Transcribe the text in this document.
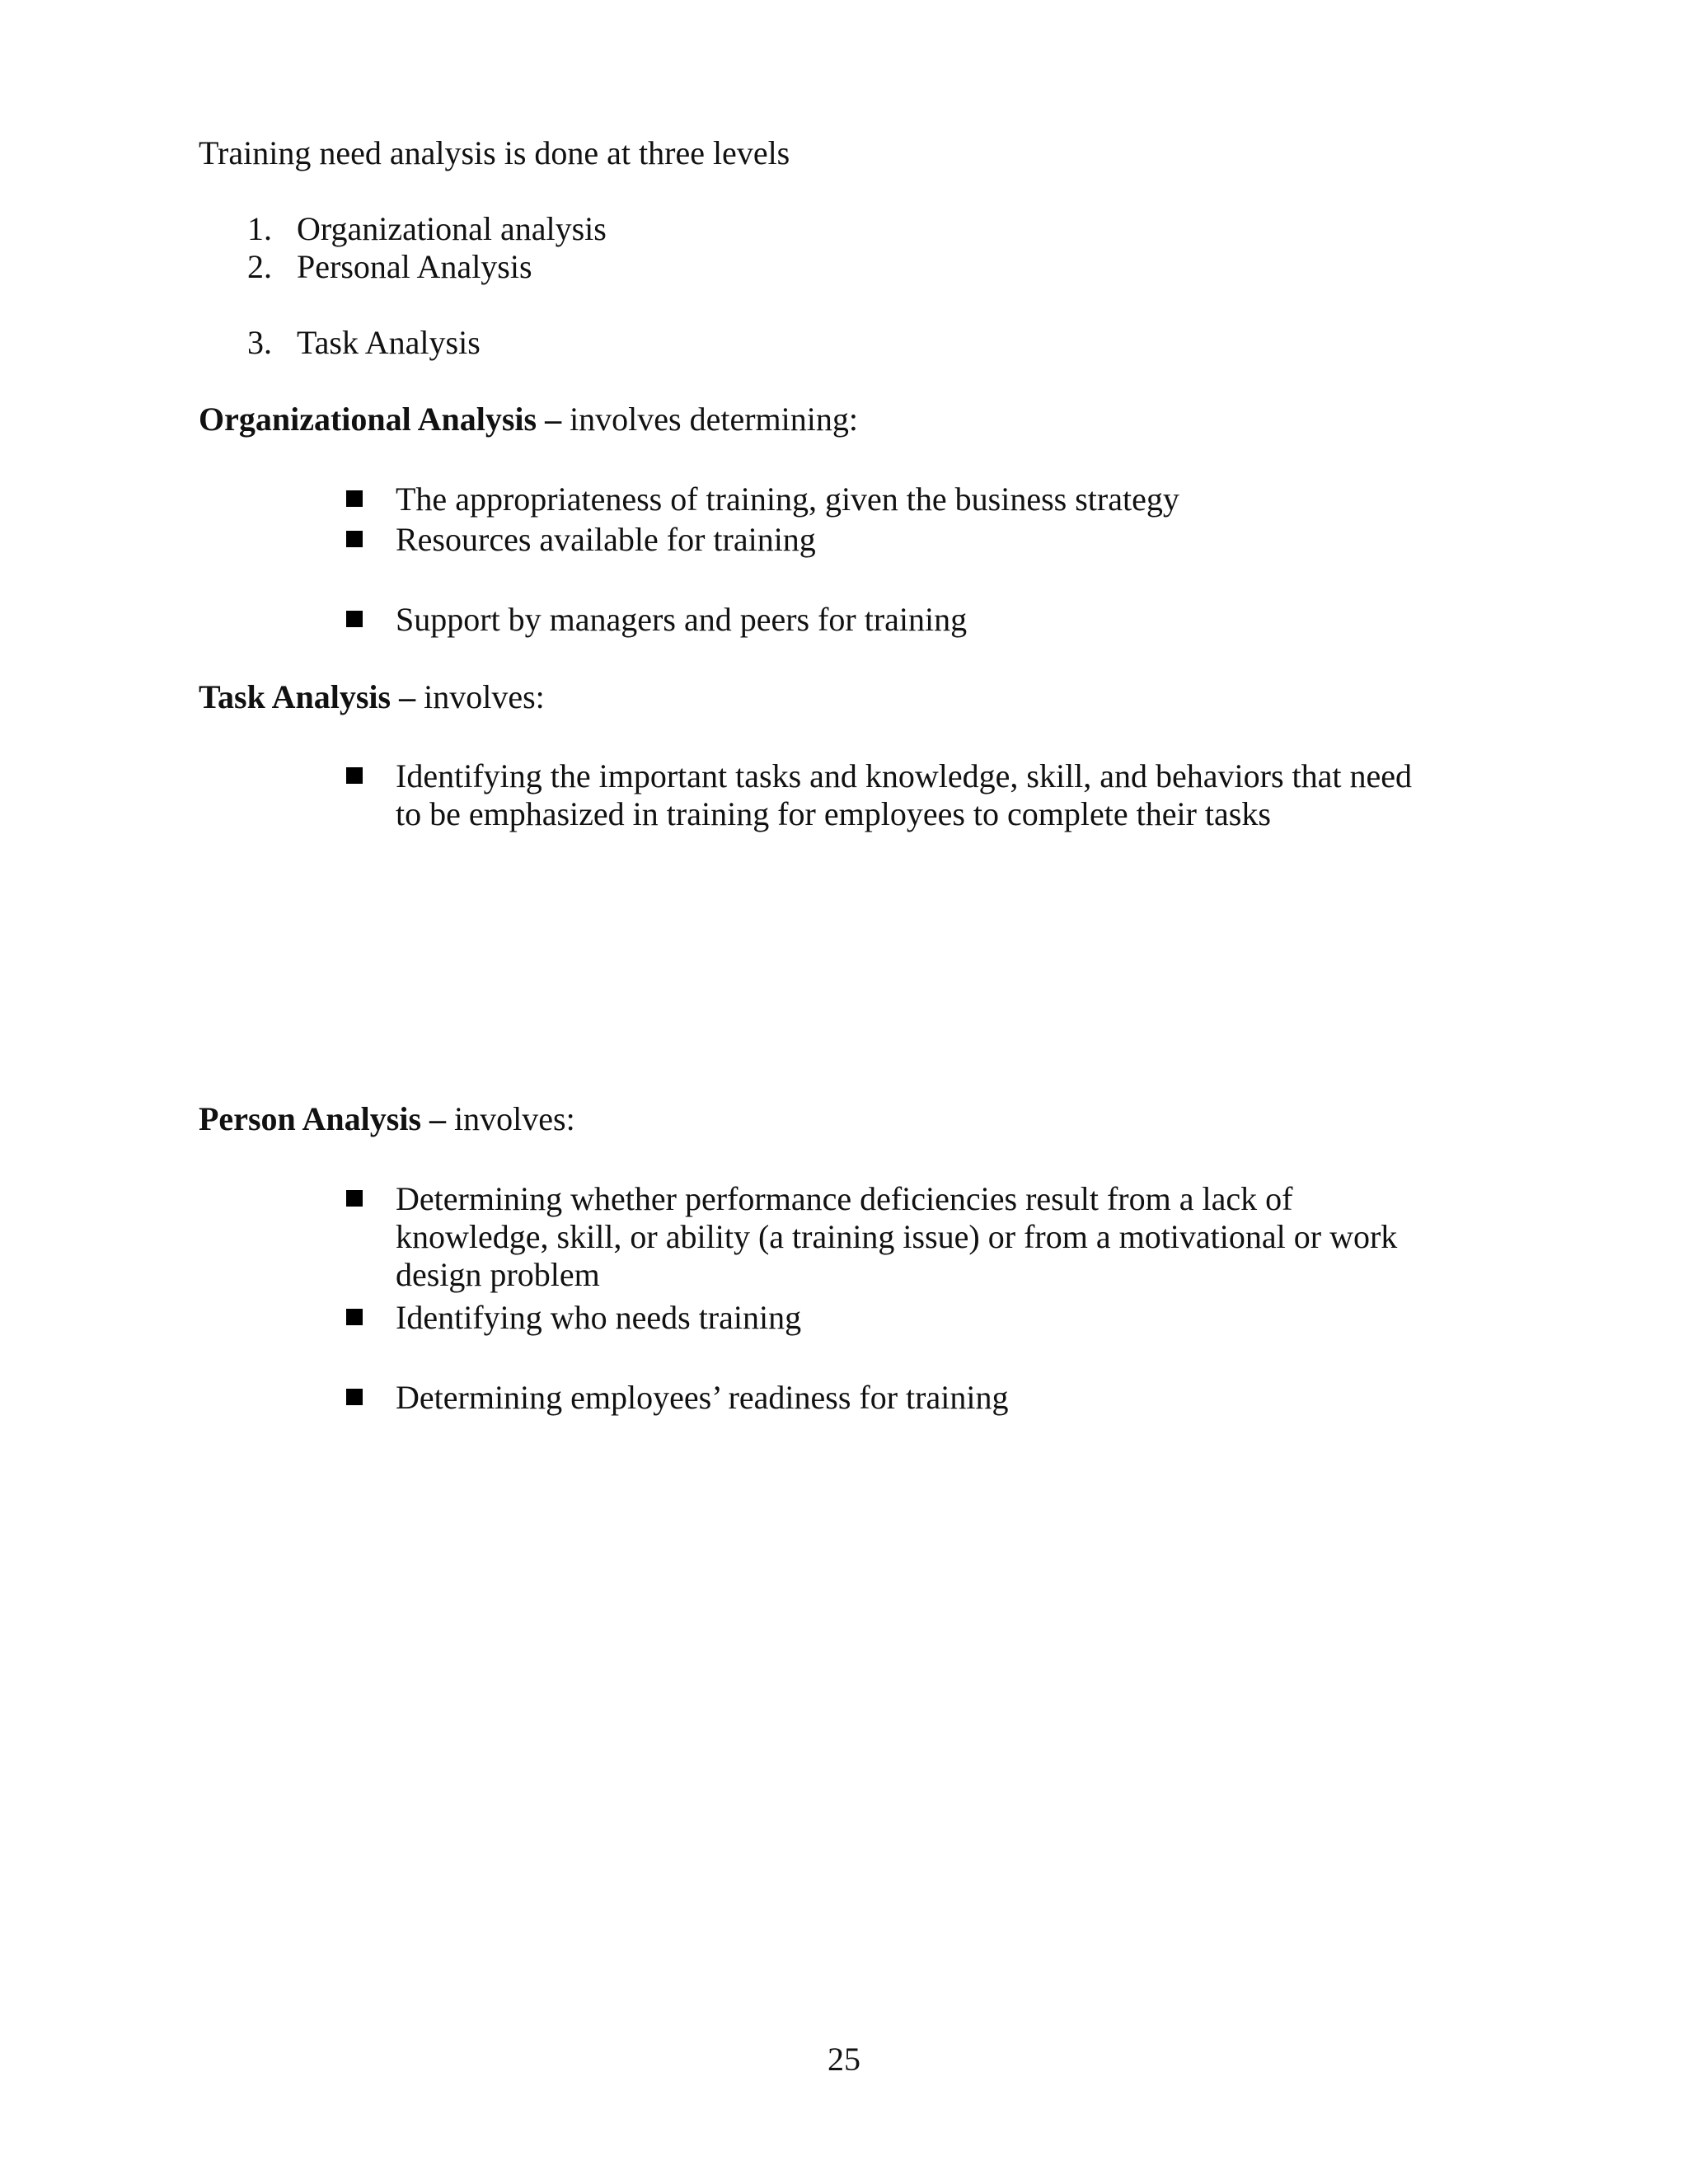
Training need analysis is done at three levels

1. Organizational analysis
2. Personal Analysis
3. Task Analysis

Organizational Analysis – involves determining:

The appropriateness of training, given the business strategy
Resources available for training
Support by managers and peers for training

Task Analysis – involves:

Identifying the important tasks and knowledge, skill, and behaviors that need to be emphasized in training for employees to complete their tasks

Person Analysis – involves:

Determining whether performance deficiencies result from a lack of knowledge, skill, or ability (a training issue) or from a motivational or work design problem
Identifying who needs training
Determining employees’ readiness for training
25
